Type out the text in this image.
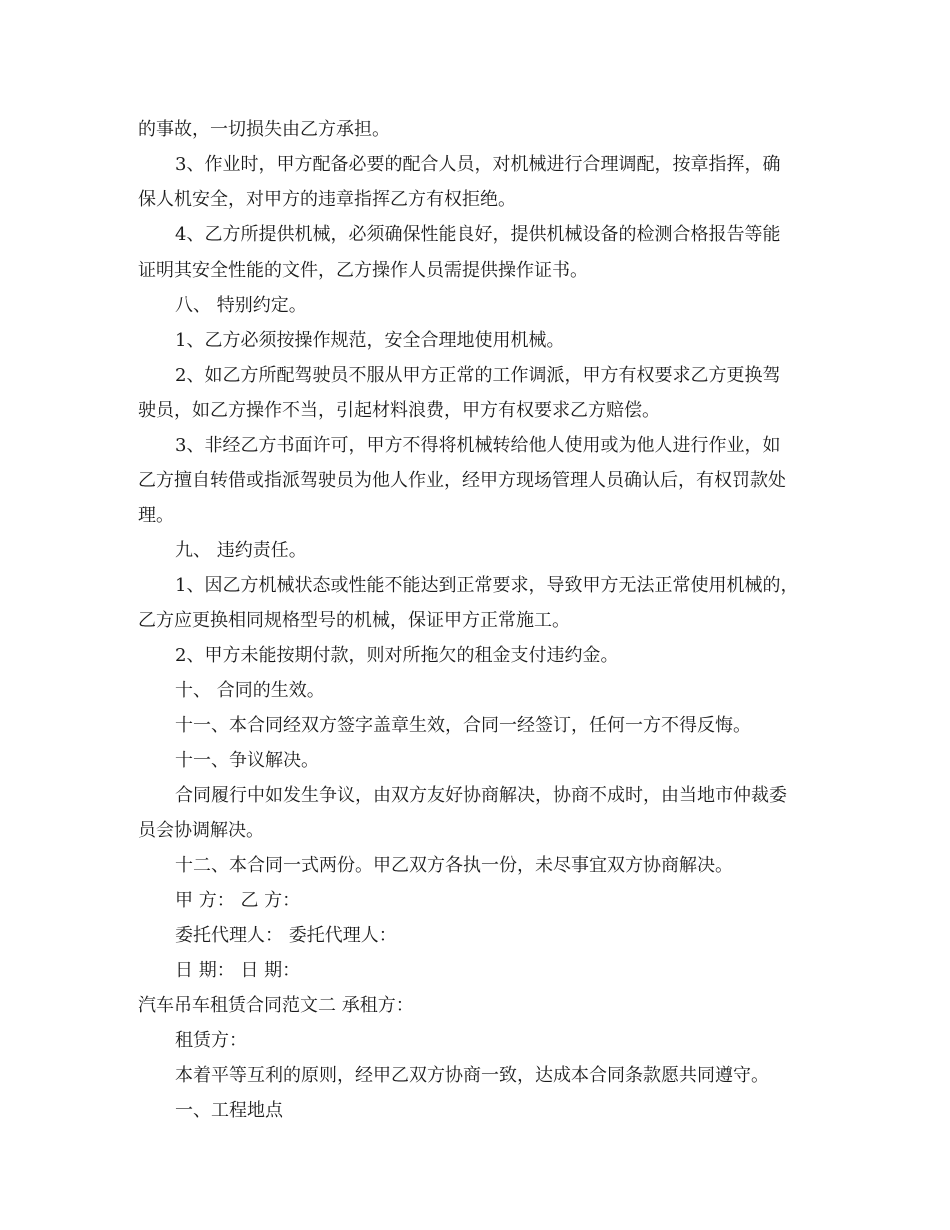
的事故，一切损失由乙方承担。
3、作业时，甲方配备必要的配合人员，对机械进行合理调配，按章指挥，确
保人机安全，对甲方的违章指挥乙方有权拒绝。
4、乙方所提供机械，必须确保性能良好，提供机械设备的检测合格报告等能
证明其安全性能的文件，乙方操作人员需提供操作证书。
八、 特别约定。
1、乙方必须按操作规范，安全合理地使用机械。
2、如乙方所配驾驶员不服从甲方正常的工作调派，甲方有权要求乙方更换驾
驶员，如乙方操作不当，引起材料浪费，甲方有权要求乙方赔偿。
3、非经乙方书面许可，甲方不得将机械转给他人使用或为他人进行作业，如
乙方擅自转借或指派驾驶员为他人作业，经甲方现场管理人员确认后，有权罚款处
理。
九、 违约责任。
1、因乙方机械状态或性能不能达到正常要求，导致甲方无法正常使用机械的，
乙方应更换相同规格型号的机械，保证甲方正常施工。
2、甲方未能按期付款，则对所拖欠的租金支付违约金。
十、 合同的生效。
十一、本合同经双方签字盖章生效，合同一经签订，任何一方不得反悔。
十一、争议解决。
合同履行中如发生争议，由双方友好协商解决，协商不成时，由当地市仲裁委
员会协调解决。
十二、本合同一式两份。甲乙双方各执一份，未尽事宜双方协商解决。
甲 方： 乙 方：
委托代理人： 委托代理人：
日 期： 日 期：
汽车吊车租赁合同范文二 承租方：
租赁方：
本着平等互利的原则，经甲乙双方协商一致，达成本合同条款愿共同遵守。
一、工程地点
